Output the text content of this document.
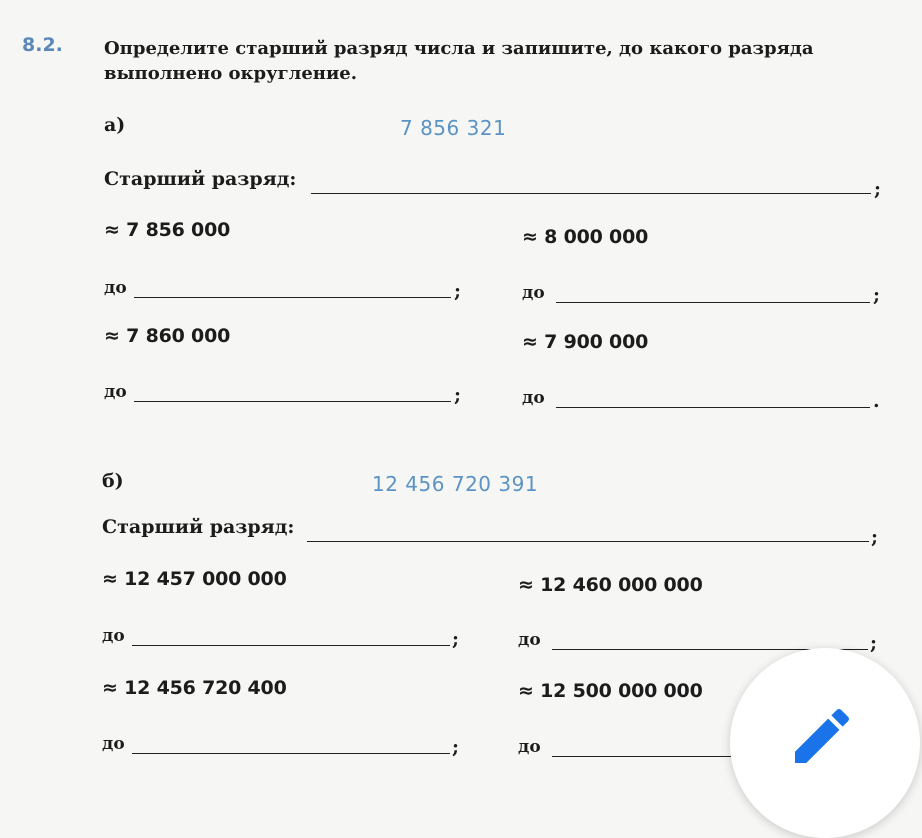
8.2. Определите старший разряд числа и запишите, до какого разряда выполнено округление.
а)	7 856 321
Старший разряд:	;
≈ 7 856 000	≈ 8 000 000
до	;	до	;
≈ 7 860 000	≈ 7 900 000
до	;	до	.
б)	12 456 720 391
Старший разряд:	;
≈ 12 457 000 000	≈ 12 460 000 000
до	;	до	;
≈ 12 456 720 400	≈ 12 500 000 000
до	;	до
